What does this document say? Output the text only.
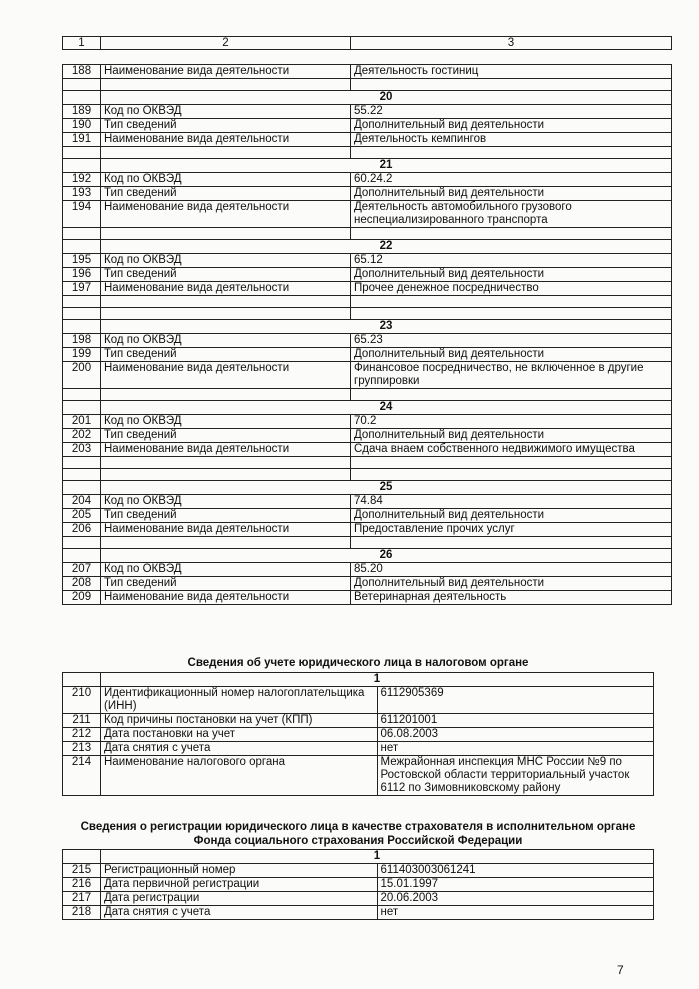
1	2	3
188	Наименование вида деятельности	Деятельность гостиниц

	20	
189	Код по ОКВЭД	55.22
190	Тип сведений	Дополнительный вид деятельности
191	Наименование вида деятельности	Деятельность кемпингов

	21	
192	Код по ОКВЭД	60.24.2
193	Тип сведений	Дополнительный вид деятельности
194	Наименование вида деятельности	Деятельность автомобильного грузового неспециализированного транспорта

	22	
195	Код по ОКВЭД	65.12
196	Тип сведений	Дополнительный вид деятельности
197	Наименование вида деятельности	Прочее денежное посредничество

	23	
198	Код по ОКВЭД	65.23
199	Тип сведений	Дополнительный вид деятельности
200	Наименование вида деятельности	Финансовое посредничество, не включенное в другие группировки

	24	
201	Код по ОКВЭД	70.2
202	Тип сведений	Дополнительный вид деятельности
203	Наименование вида деятельности	Сдача внаем собственного недвижимого имущества

	25	
204	Код по ОКВЭД	74.84
205	Тип сведений	Дополнительный вид деятельности
206	Наименование вида деятельности	Предоставление прочих услуг

	26	
207	Код по ОКВЭД	85.20
208	Тип сведений	Дополнительный вид деятельности
209	Наименование вида деятельности	Ветеринарная деятельность
Сведения об учете юридического лица в налоговом органе
	1	
210	Идентификационный номер налогоплательщика (ИНН)	6112905369
211	Код причины постановки на учет (КПП)	611201001
212	Дата постановки на учет	06.08.2003
213	Дата снятия с учета	нет
214	Наименование налогового органа	Межрайонная инспекция МНС России №9 по Ростовской области территориальный участок 6112 по Зимовниковскому району
Сведения о регистрации юридического лица в качестве страхователя в исполнительном органе
Фонда социального страхования Российской Федерации
	1	
215	Регистрационный номер	611403003061241
216	Дата первичной регистрации	15.01.1997
217	Дата регистрации	20.06.2003
218	Дата снятия с учета	нет
7
